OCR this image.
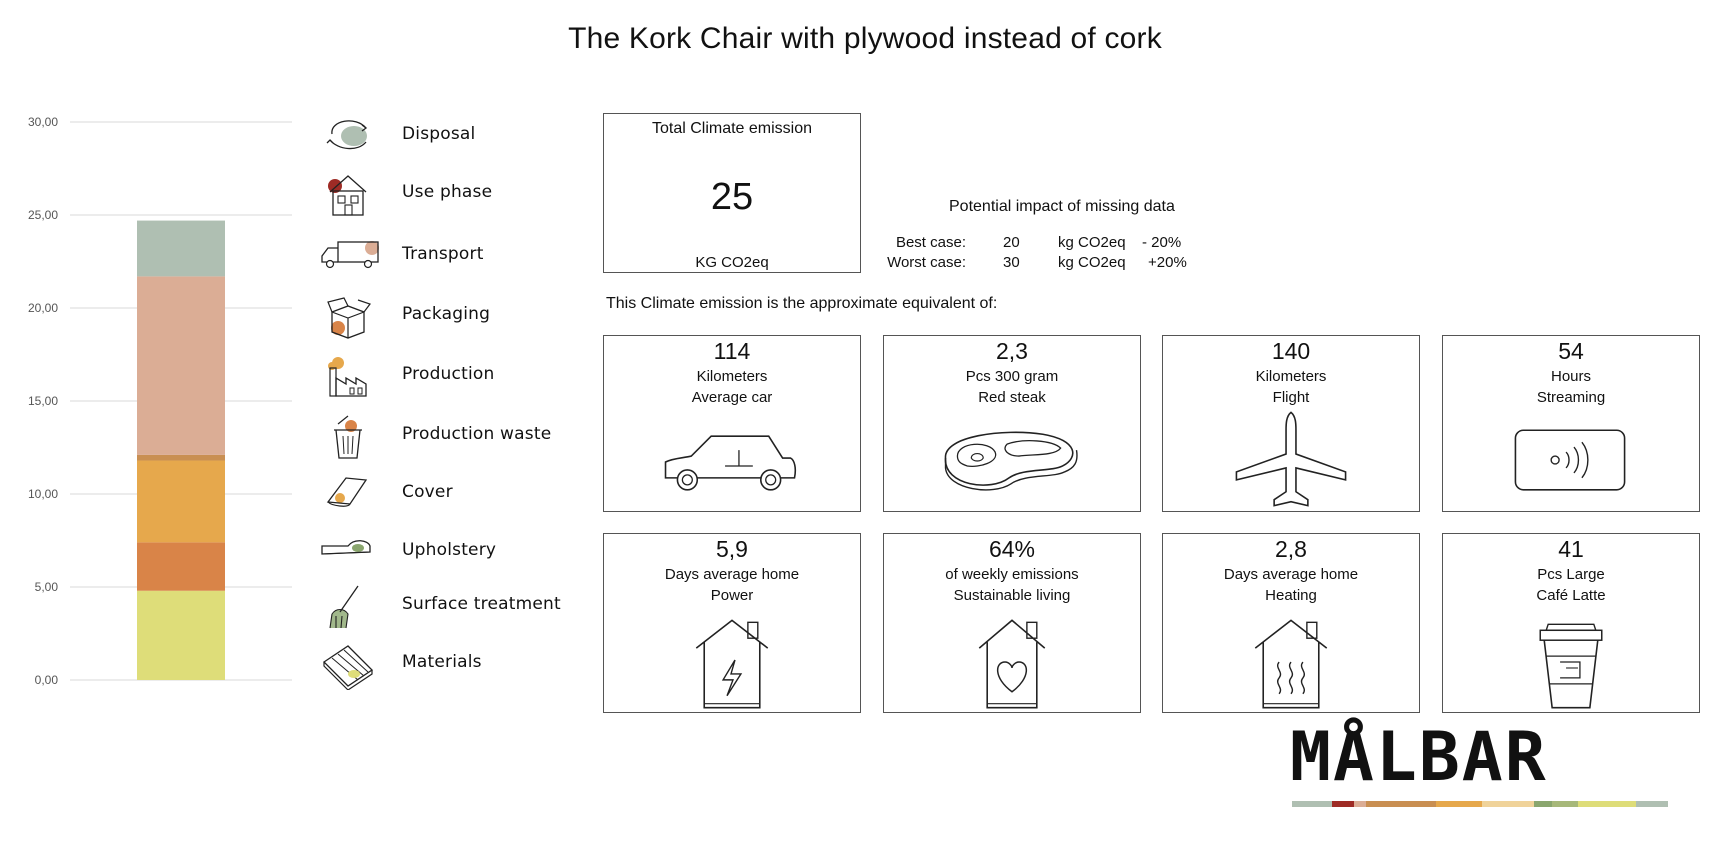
The Kork Chair with plywood instead of cork
0,00
5,00
10,00
15,00
20,00
25,00
30,00
Disposal
Use phase
Transport
Packaging
Production
Production waste
Cover
Upholstery
Surface treatment
Materials
Total Climate emission
25
KG CO2eq
Potential impact of missing data
Best case: 20	kg CO2eq - 20%
Worst case: 30	kg CO2eq +20%
This Climate emission is the approximate equivalent of:
114
Kilometers
Average car
2,3
Pcs 300 gram
Red steak
140
Kilometers
Flight
54
Hours
Streaming
5,9
Days average home
Power
64%
of weekly emissions
Sustainable living
2,8
Days average home
Heating
41
Pcs Large
Café Latte
MÅLBAR
